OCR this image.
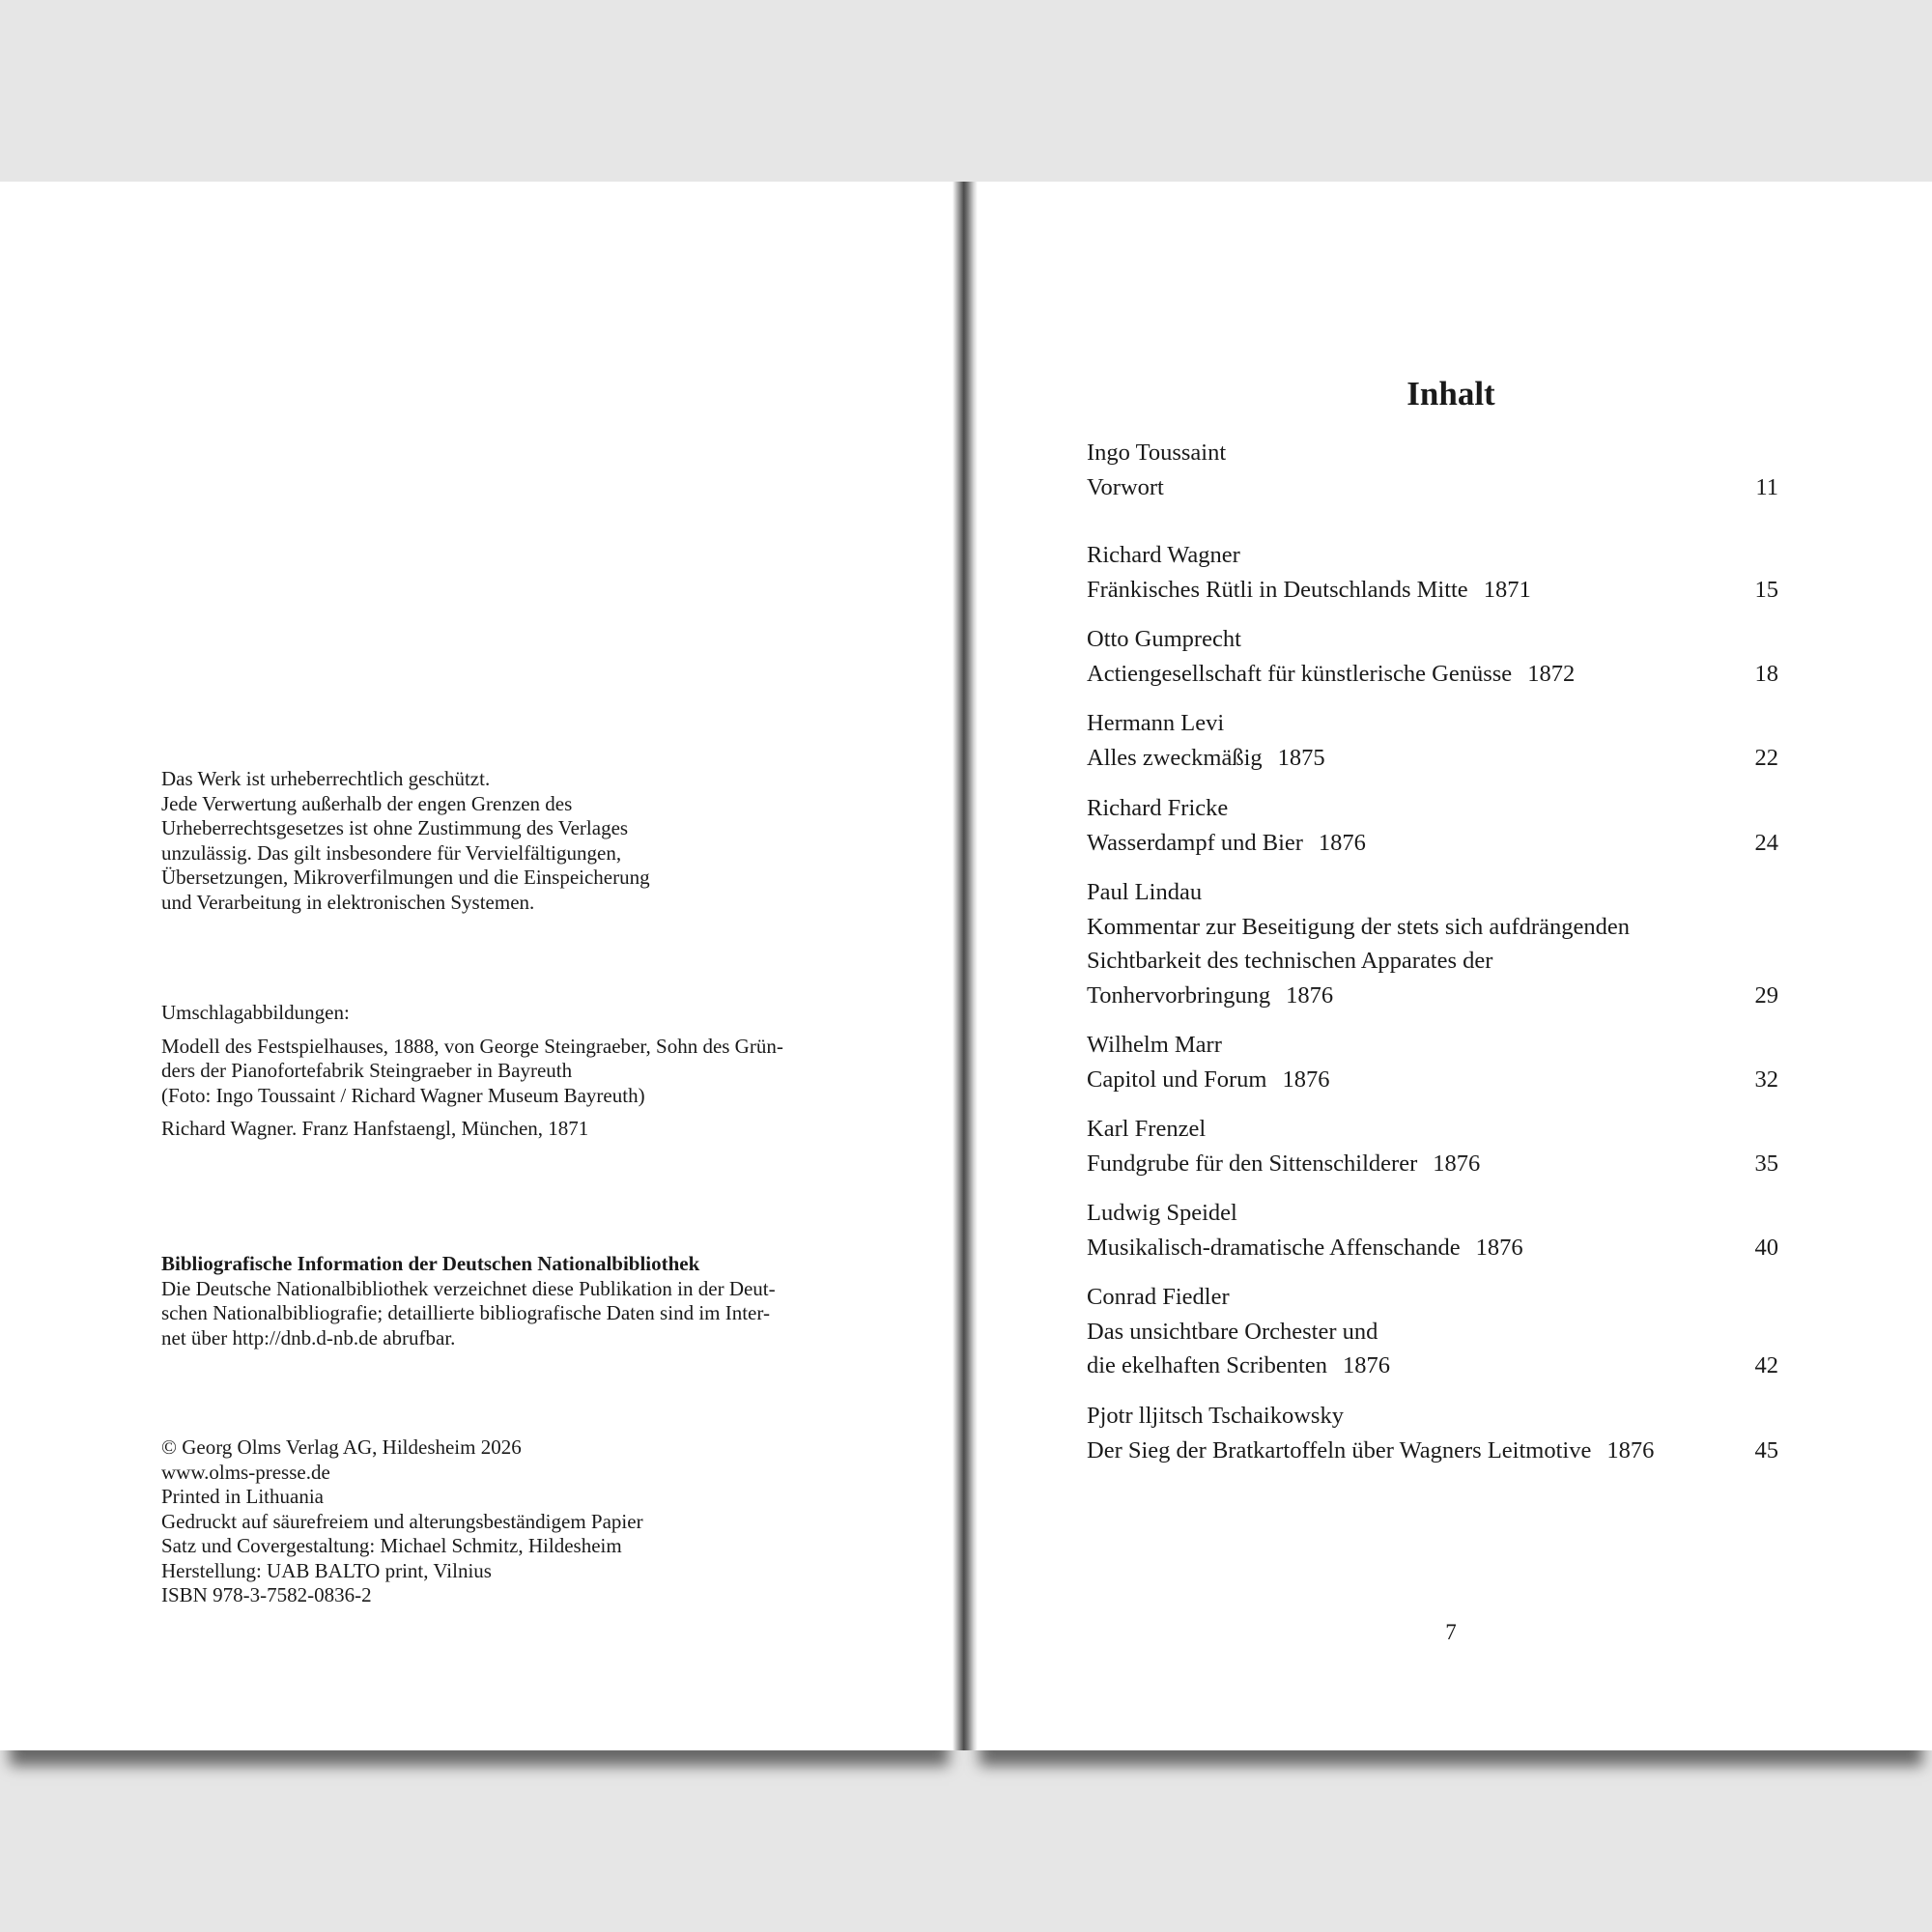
Das Werk ist urheberrechtlich geschützt.

Jede Verwertung außerhalb der engen Grenzen des

Urheberrechtsgesetzes ist ohne Zustimmung des Verlages

unzulässig. Das gilt insbesondere für Vervielfältigungen,

Übersetzungen, Mikroverfilmungen und die Einspeicherung

und Verarbeitung in elektronischen Systemen.

Umschlagabbildungen:

Modell des Festspielhauses, 1888, von George Steingraeber, Sohn des Grün-

ders der Pianofortefabrik Steingraeber in Bayreuth

(Foto: Ingo Toussaint / Richard Wagner Museum Bayreuth)

Richard Wagner. Franz Hanfstaengl, München, 1871

Bibliografische Information der Deutschen Nationalbibliothek

Die Deutsche Nationalbibliothek verzeichnet diese Publikation in der Deut-

schen Nationalbibliografie; detaillierte bibliografische Daten sind im Inter-

net über http://dnb.d-nb.de abrufbar.

© Georg Olms Verlag AG, Hildesheim 2026

www.olms-presse.de

Printed in Lithuania

Gedruckt auf säurefreiem und alterungsbeständigem Papier

Satz und Covergestaltung: Michael Schmitz, Hildesheim

Herstellung: UAB BALTO print, Vilnius

ISBN 978-3-7582-0836-2

Inhalt
Ingo Toussaint
Vorwort	11
Richard Wagner
Fränkisches Rütli in Deutschlands Mitte 1871	15
Otto Gumprecht
Actiengesellschaft für künstlerische Genüsse 1872	18
Hermann Levi
Alles zweckmäßig 1875	22
Richard Fricke
Wasserdampf und Bier 1876	24
Paul Lindau
Kommentar zur Beseitigung der stets sich aufdrängenden
Sichtbarkeit des technischen Apparates der
Tonhervorbringung 1876	29
Wilhelm Marr
Capitol und Forum 1876	32
Karl Frenzel
Fundgrube für den Sittenschilderer 1876	35
Ludwig Speidel
Musikalisch-dramatische Affenschande 1876	40
Conrad Fiedler
Das unsichtbare Orchester und
die ekelhaften Scribenten 1876	42
Pjotr lljitsch Tschaikowsky
Der Sieg der Bratkartoffeln über Wagners Leitmotive 1876	45
7
